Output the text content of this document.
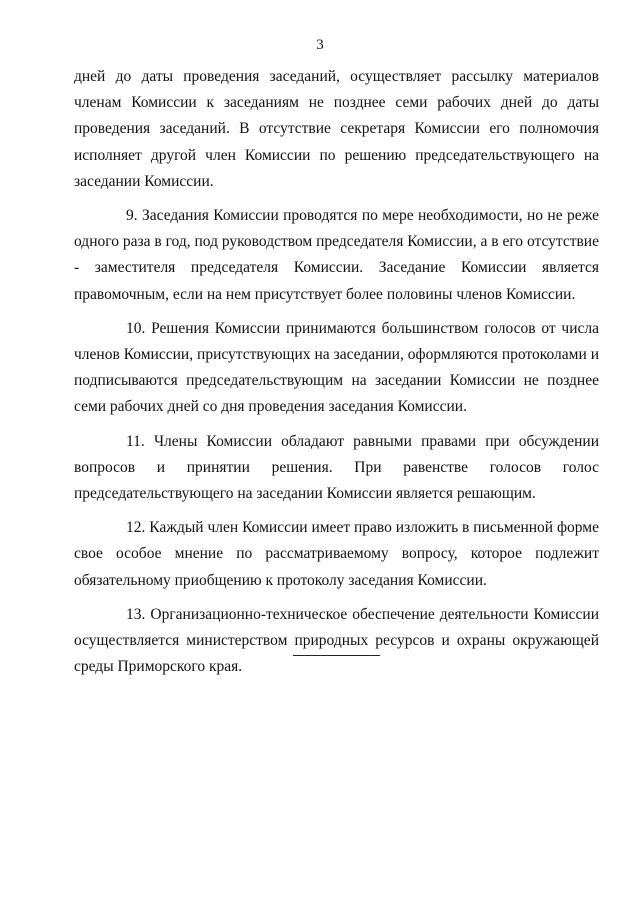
3

дней до даты проведения заседаний, осуществляет рассылку материалов членам Комиссии к заседаниям не позднее семи рабочих дней до даты проведения заседаний. В отсутствие секретаря Комиссии его полномочия исполняет другой член Комиссии по решению председательствующего на заседании Комиссии.

9. Заседания Комиссии проводятся по мере необходимости, но не реже одного раза в год, под руководством председателя Комиссии, а в его отсутствие - заместителя председателя Комиссии. Заседание Комиссии является правомочным, если на нем присутствует более половины членов Комиссии.

10. Решения Комиссии принимаются большинством голосов от числа членов Комиссии, присутствующих на заседании, оформляются протоколами и подписываются председательствующим на заседании Комиссии не позднее семи рабочих дней со дня проведения заседания Комиссии.

11. Члены Комиссии обладают равными правами при обсуждении вопросов и принятии решения. При равенстве голосов голос председательствующего на заседании Комиссии является решающим.

12. Каждый член Комиссии имеет право изложить в письменной форме свое особое мнение по рассматриваемому вопросу, которое подлежит обязательному приобщению к протоколу заседания Комиссии.

13. Организационно-техническое обеспечение деятельности Комиссии осуществляется министерством природных ресурсов и охраны окружающей среды Приморского края.
